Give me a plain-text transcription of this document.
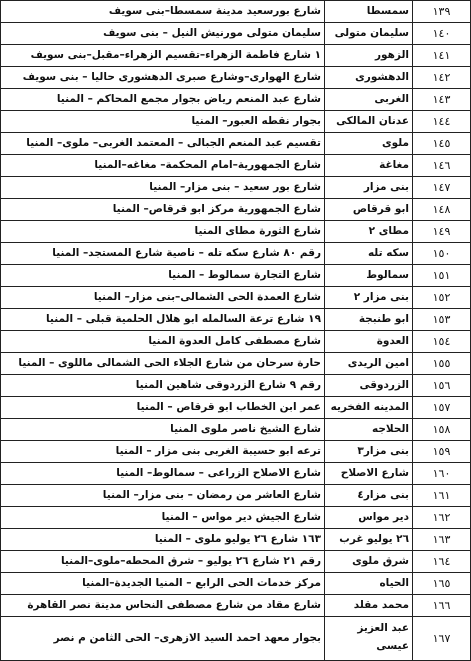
١٣٩	سمسطا	شارع بورسعيد مدينة سمسطا–بنى سويف
١٤٠	سليمان متولى	سليمان متولى مورنيش النيل – بنى سويف
١٤١	الزهور	١ شارع فاطمة الزهراء–تقسيم الزهراء–مقبل–بنى سويف
١٤٢	الدهشورى	شارع الهوارى–وشارع صبرى الدهشورى حاليا – بنى سويف
١٤٣	الغربى	شارع عبد المنعم رياض بجوار مجمع المحاكم – المنيا
١٤٤	عدنان المالكى	بجوار نقطه العبور– المنيا
١٤٥	ملوى	تقسيم عبد المنعم الجبالى – المعتمد الغربى– ملوى– المنيا
١٤٦	مغاغة	شارع الجمهورية–امام المحكمة– مغاغه–المنيا
١٤٧	بنى مزار	شارع بور سعيد – بنى مزار– المنيا
١٤٨	ابو قرقاص	شارع الجمهورية مركز ابو قرقاص– المنيا
١٤٩	مطاى ٢	شارع الثورة مطاى المنيا
١٥٠	سكه تله	رقم ٨٠ شارع سكه تله – ناصية شارع المستجد– المنيا
١٥١	سمالوط	شارع التجارة سمالوط – المنيا
١٥٢	بنى مزار ٢	شارع العمدة الحى الشمالى–بنى مزار– المنيا
١٥٣	ابو طنبجة	١٩ شارع ترعة السالمله ابو هلال الحلمية قبلى – المنيا
١٥٤	العدوة	شارع مصطفى كامل العدوة المنيا
١٥٥	امين الريدى	حارة سرحان من شارع الجلاء الحى الشمالى ماللوى – المنيا
١٥٦	الزردوقى	رقم ٩ شارع الزردوقى شاهين المنيا
١٥٧	المدينه الفخريه	عمر ابن الخطاب ابو قرقاص – المنيا
١٥٨	الحلاجه	شارع الشيخ ناصر ملوى المنيا
١٥٩	بنى مزار٣	ترعه ابو حسيبة الغربى بنى مزار – المنيا
١٦٠	شارع الاصلاح	شارع الاصلاح الزراعى – سمالوط– المنيا
١٦١	بنى مزار٤	شارع العاشر من رمضان – بنى مزار– المنيا
١٦٢	دير مواس	شارع الجيش دير مواس – المنيا
١٦٣	٢٦ يوليو غرب	١٦٣ شارع ٢٦ يوليو ملوى – المنيا
١٦٤	شرق ملوى	رقم ٢١ شارع ٢٦ يوليو – شرق المحطه–ملوى–المنيا
١٦٥	الحياه	مركز خدمات الحى الرابع – المنيا الجديدة–المنيا
١٦٦	محمد مقلد	شارع مقاد من شارع مصطفى النحاس مدينة نصر القاهرة
١٦٧	عبد العزيز عيسى	بجوار معهد احمد السيد الازهرى– الحى الثامن م نصر
